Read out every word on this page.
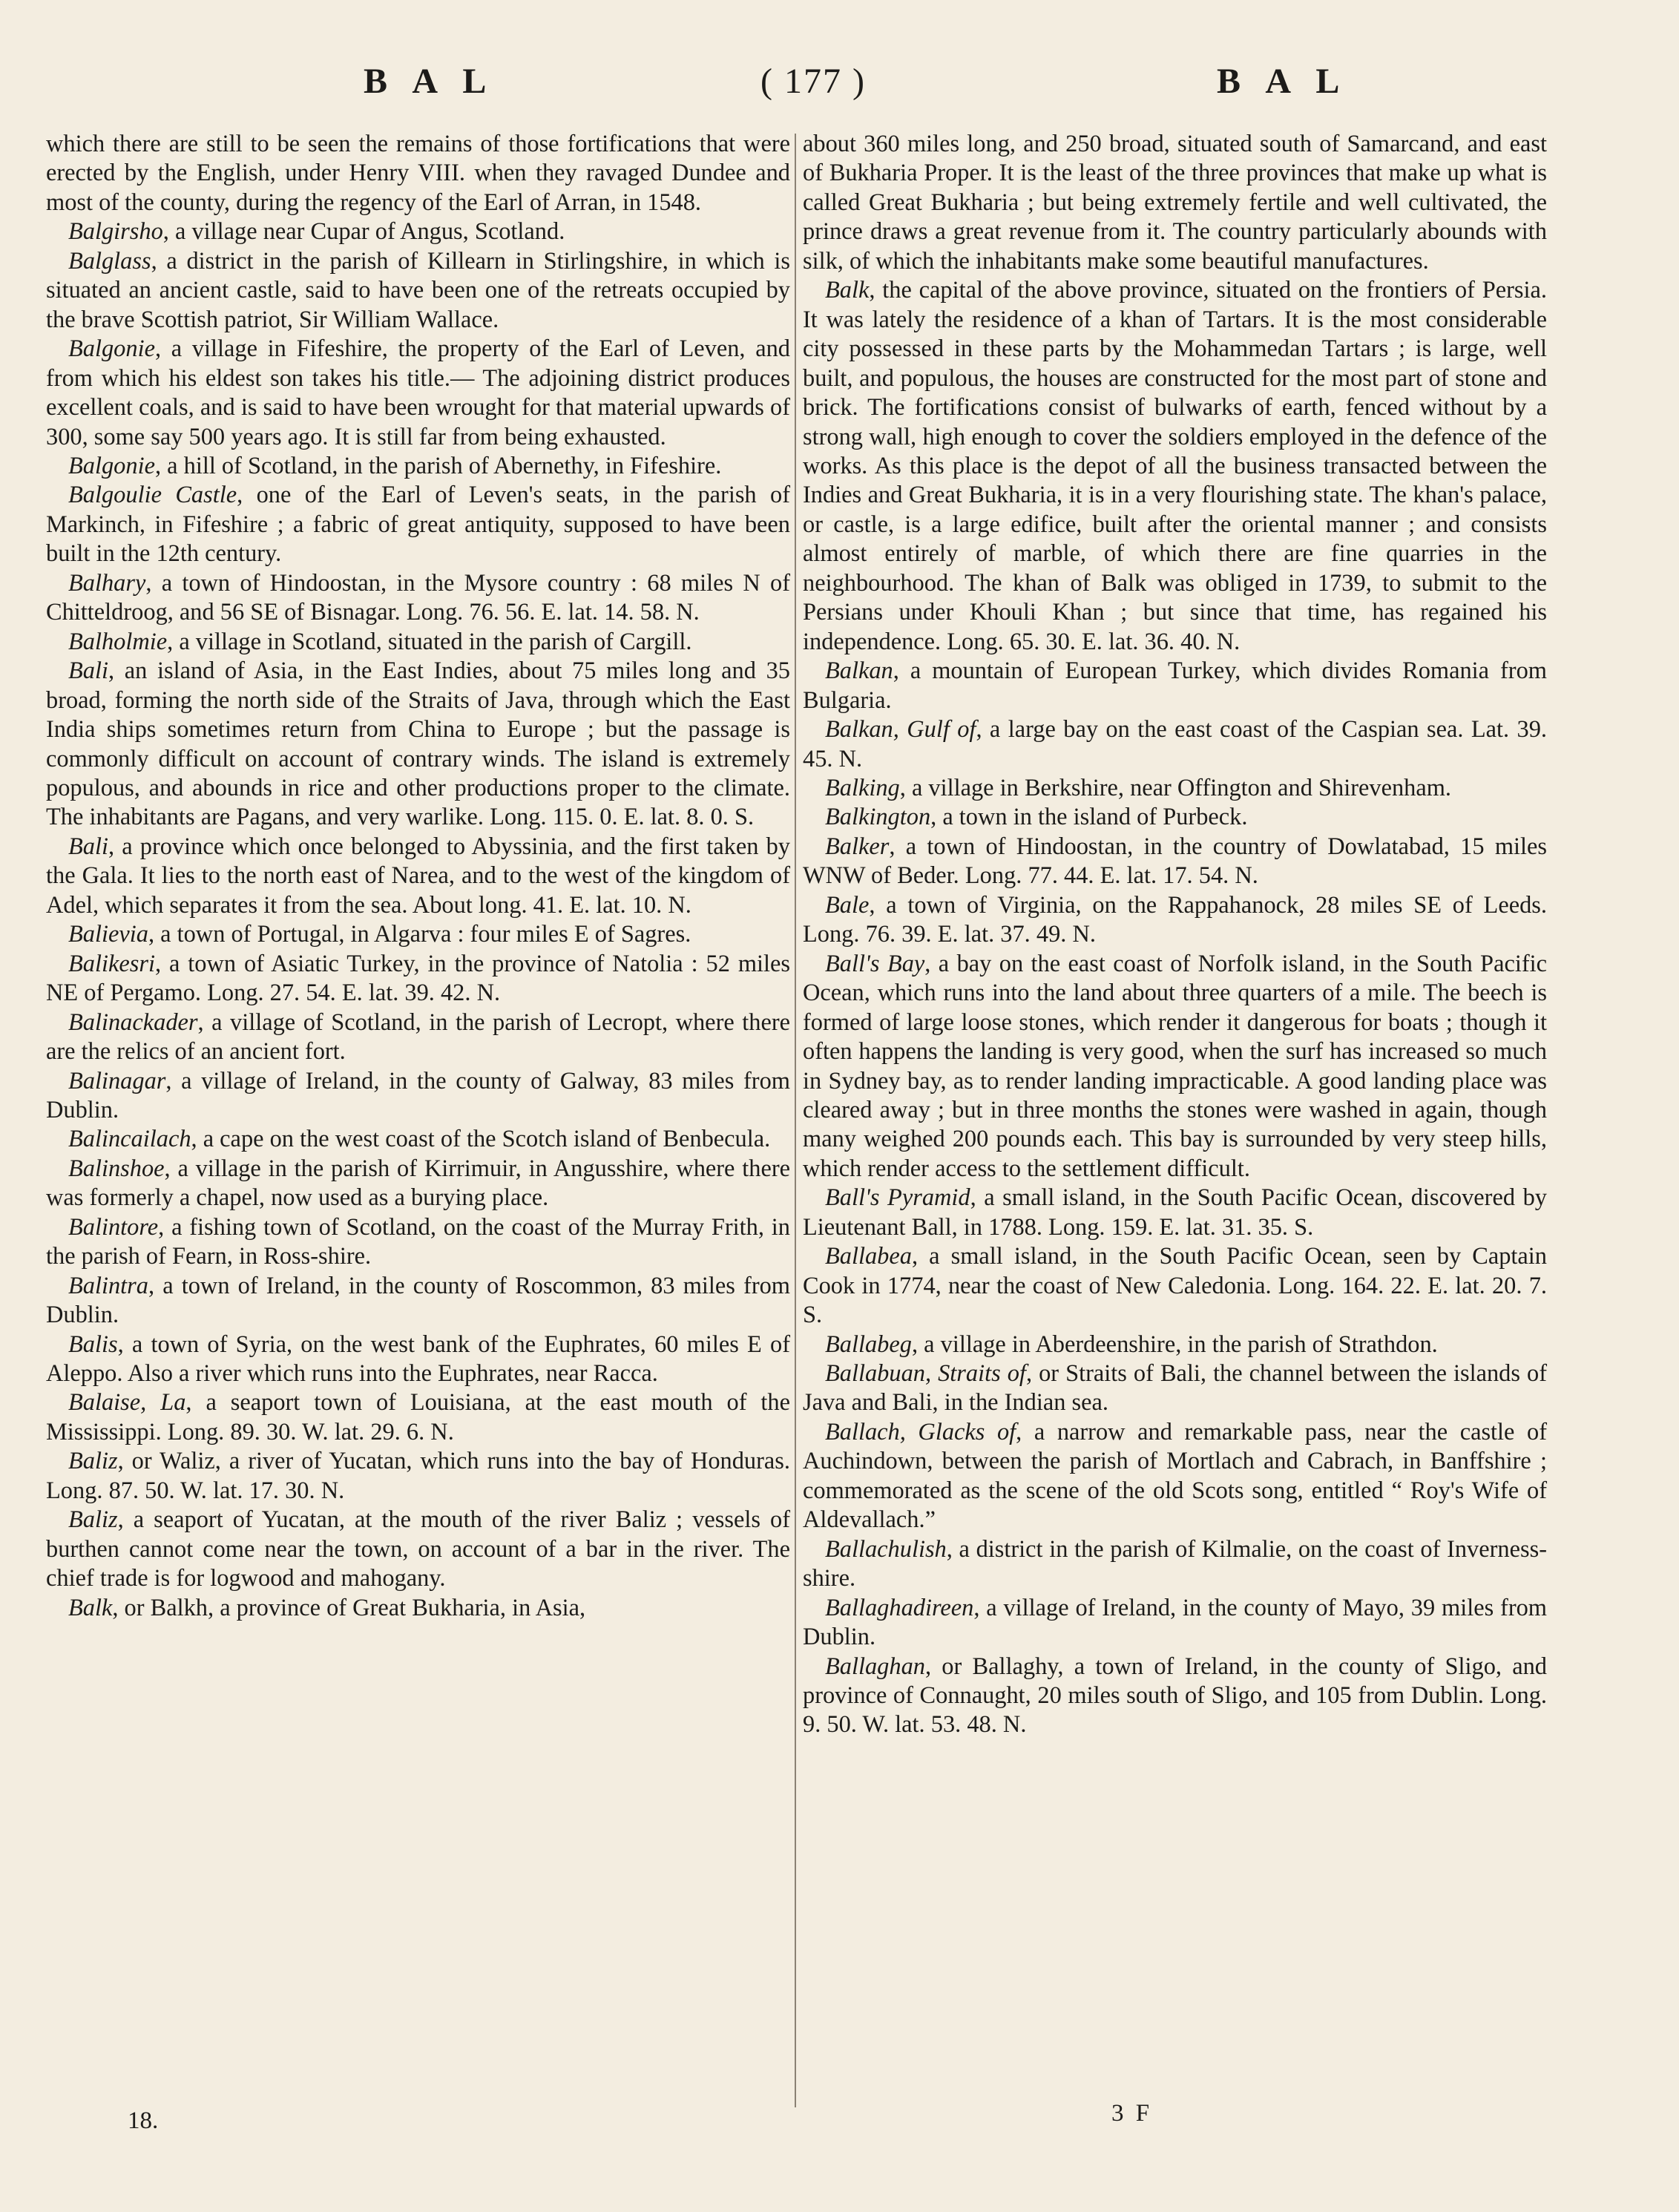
B A L	( 177 )	B A L

which there are still to be seen the remains of those fortifications that were erected by the English, under Henry VIII. when they ravaged Dundee and most of the county, during the regency of the Earl of Arran, in 1548.

Balgirsho, a village near Cupar of Angus, Scotland.

Balglass, a district in the parish of Killearn in Stirlingshire, in which is situated an ancient castle, said to have been one of the retreats occupied by the brave Scottish patriot, Sir William Wallace.

Balgonie, a village in Fifeshire, the property of the Earl of Leven, and from which his eldest son takes his title.— The adjoining district produces excellent coals, and is said to have been wrought for that material upwards of 300, some say 500 years ago. It is still far from being exhausted.

Balgonie, a hill of Scotland, in the parish of Abernethy, in Fifeshire.

Balgoulie Castle, one of the Earl of Leven's seats, in the parish of Markinch, in Fifeshire ; a fabric of great antiquity, supposed to have been built in the 12th century.

Balhary, a town of Hindoostan, in the Mysore country : 68 miles N of Chitteldroog, and 56 SE of Bisnagar. Long. 76. 56. E. lat. 14. 58. N.

Balholmie, a village in Scotland, situated in the parish of Cargill.

Bali, an island of Asia, in the East Indies, about 75 miles long and 35 broad, forming the north side of the Straits of Java, through which the East India ships sometimes return from China to Europe ; but the passage is commonly difficult on account of contrary winds. The island is extremely populous, and abounds in rice and other productions proper to the climate. The inhabitants are Pagans, and very warlike. Long. 115. 0. E. lat. 8. 0. S.

Bali, a province which once belonged to Abyssinia, and the first taken by the Gala. It lies to the north east of Narea, and to the west of the kingdom of Adel, which separates it from the sea. About long. 41. E. lat. 10. N.

Balievia, a town of Portugal, in Algarva : four miles E of Sagres.

Balikesri, a town of Asiatic Turkey, in the province of Natolia : 52 miles NE of Pergamo. Long. 27. 54. E. lat. 39. 42. N.

Balinackader, a village of Scotland, in the parish of Lecropt, where there are the relics of an ancient fort.

Balinagar, a village of Ireland, in the county of Galway, 83 miles from Dublin.

Balincailach, a cape on the west coast of the Scotch island of Benbecula.

Balinshoe, a village in the parish of Kirrimuir, in Angusshire, where there was formerly a chapel, now used as a burying place.

Balintore, a fishing town of Scotland, on the coast of the Murray Frith, in the parish of Fearn, in Ross-shire.

Balintra, a town of Ireland, in the county of Roscommon, 83 miles from Dublin.

Balis, a town of Syria, on the west bank of the Euphrates, 60 miles E of Aleppo. Also a river which runs into the Euphrates, near Racca.

Balaise, La, a seaport town of Louisiana, at the east mouth of the Mississippi. Long. 89. 30. W. lat. 29. 6. N.

Baliz, or Waliz, a river of Yucatan, which runs into the bay of Honduras. Long. 87. 50. W. lat. 17. 30. N.

Baliz, a seaport of Yucatan, at the mouth of the river Baliz ; vessels of burthen cannot come near the town, on account of a bar in the river. The chief trade is for logwood and mahogany.

Balk, or Balkh, a province of Great Bukharia, in Asia,

about 360 miles long, and 250 broad, situated south of Samarcand, and east of Bukharia Proper. It is the least of the three provinces that make up what is called Great Bukharia ; but being extremely fertile and well cultivated, the prince draws a great revenue from it. The country particularly abounds with silk, of which the inhabitants make some beautiful manufactures.

Balk, the capital of the above province, situated on the frontiers of Persia. It was lately the residence of a khan of Tartars. It is the most considerable city possessed in these parts by the Mohammedan Tartars ; is large, well built, and populous, the houses are constructed for the most part of stone and brick. The fortifications consist of bulwarks of earth, fenced without by a strong wall, high enough to cover the soldiers employed in the defence of the works. As this place is the depot of all the business transacted between the Indies and Great Bukharia, it is in a very flourishing state. The khan's palace, or castle, is a large edifice, built after the oriental manner ; and consists almost entirely of marble, of which there are fine quarries in the neighbourhood. The khan of Balk was obliged in 1739, to submit to the Persians under Khouli Khan ; but since that time, has regained his independence. Long. 65. 30. E. lat. 36. 40. N.

Balkan, a mountain of European Turkey, which divides Romania from Bulgaria.

Balkan, Gulf of, a large bay on the east coast of the Caspian sea. Lat. 39. 45. N.

Balking, a village in Berkshire, near Offington and Shirevenham.

Balkington, a town in the island of Purbeck.

Balker, a town of Hindoostan, in the country of Dowlatabad, 15 miles WNW of Beder. Long. 77. 44. E. lat. 17. 54. N.

Bale, a town of Virginia, on the Rappahanock, 28 miles SE of Leeds. Long. 76. 39. E. lat. 37. 49. N.

Ball's Bay, a bay on the east coast of Norfolk island, in the South Pacific Ocean, which runs into the land about three quarters of a mile. The beech is formed of large loose stones, which render it dangerous for boats ; though it often happens the landing is very good, when the surf has increased so much in Sydney bay, as to render landing impracticable. A good landing place was cleared away ; but in three months the stones were washed in again, though many weighed 200 pounds each. This bay is surrounded by very steep hills, which render access to the settlement difficult.

Ball's Pyramid, a small island, in the South Pacific Ocean, discovered by Lieutenant Ball, in 1788. Long. 159. E. lat. 31. 35. S.

Ballabea, a small island, in the South Pacific Ocean, seen by Captain Cook in 1774, near the coast of New Caledonia. Long. 164. 22. E. lat. 20. 7. S.

Ballabeg, a village in Aberdeenshire, in the parish of Strathdon.

Ballabuan, Straits of, or Straits of Bali, the channel between the islands of Java and Bali, in the Indian sea.

Ballach, Glacks of, a narrow and remarkable pass, near the castle of Auchindown, between the parish of Mortlach and Cabrach, in Banffshire ; commemorated as the scene of the old Scots song, entitled “ Roy's Wife of Aldevallach.”

Ballachulish, a district in the parish of Kilmalie, on the coast of Inverness-shire.

Ballaghadireen, a village of Ireland, in the county of Mayo, 39 miles from Dublin.

Ballaghan, or Ballaghy, a town of Ireland, in the county of Sligo, and province of Connaught, 20 miles south of Sligo, and 105 from Dublin. Long. 9. 50. W. lat. 53. 48. N.

18.	3 F
